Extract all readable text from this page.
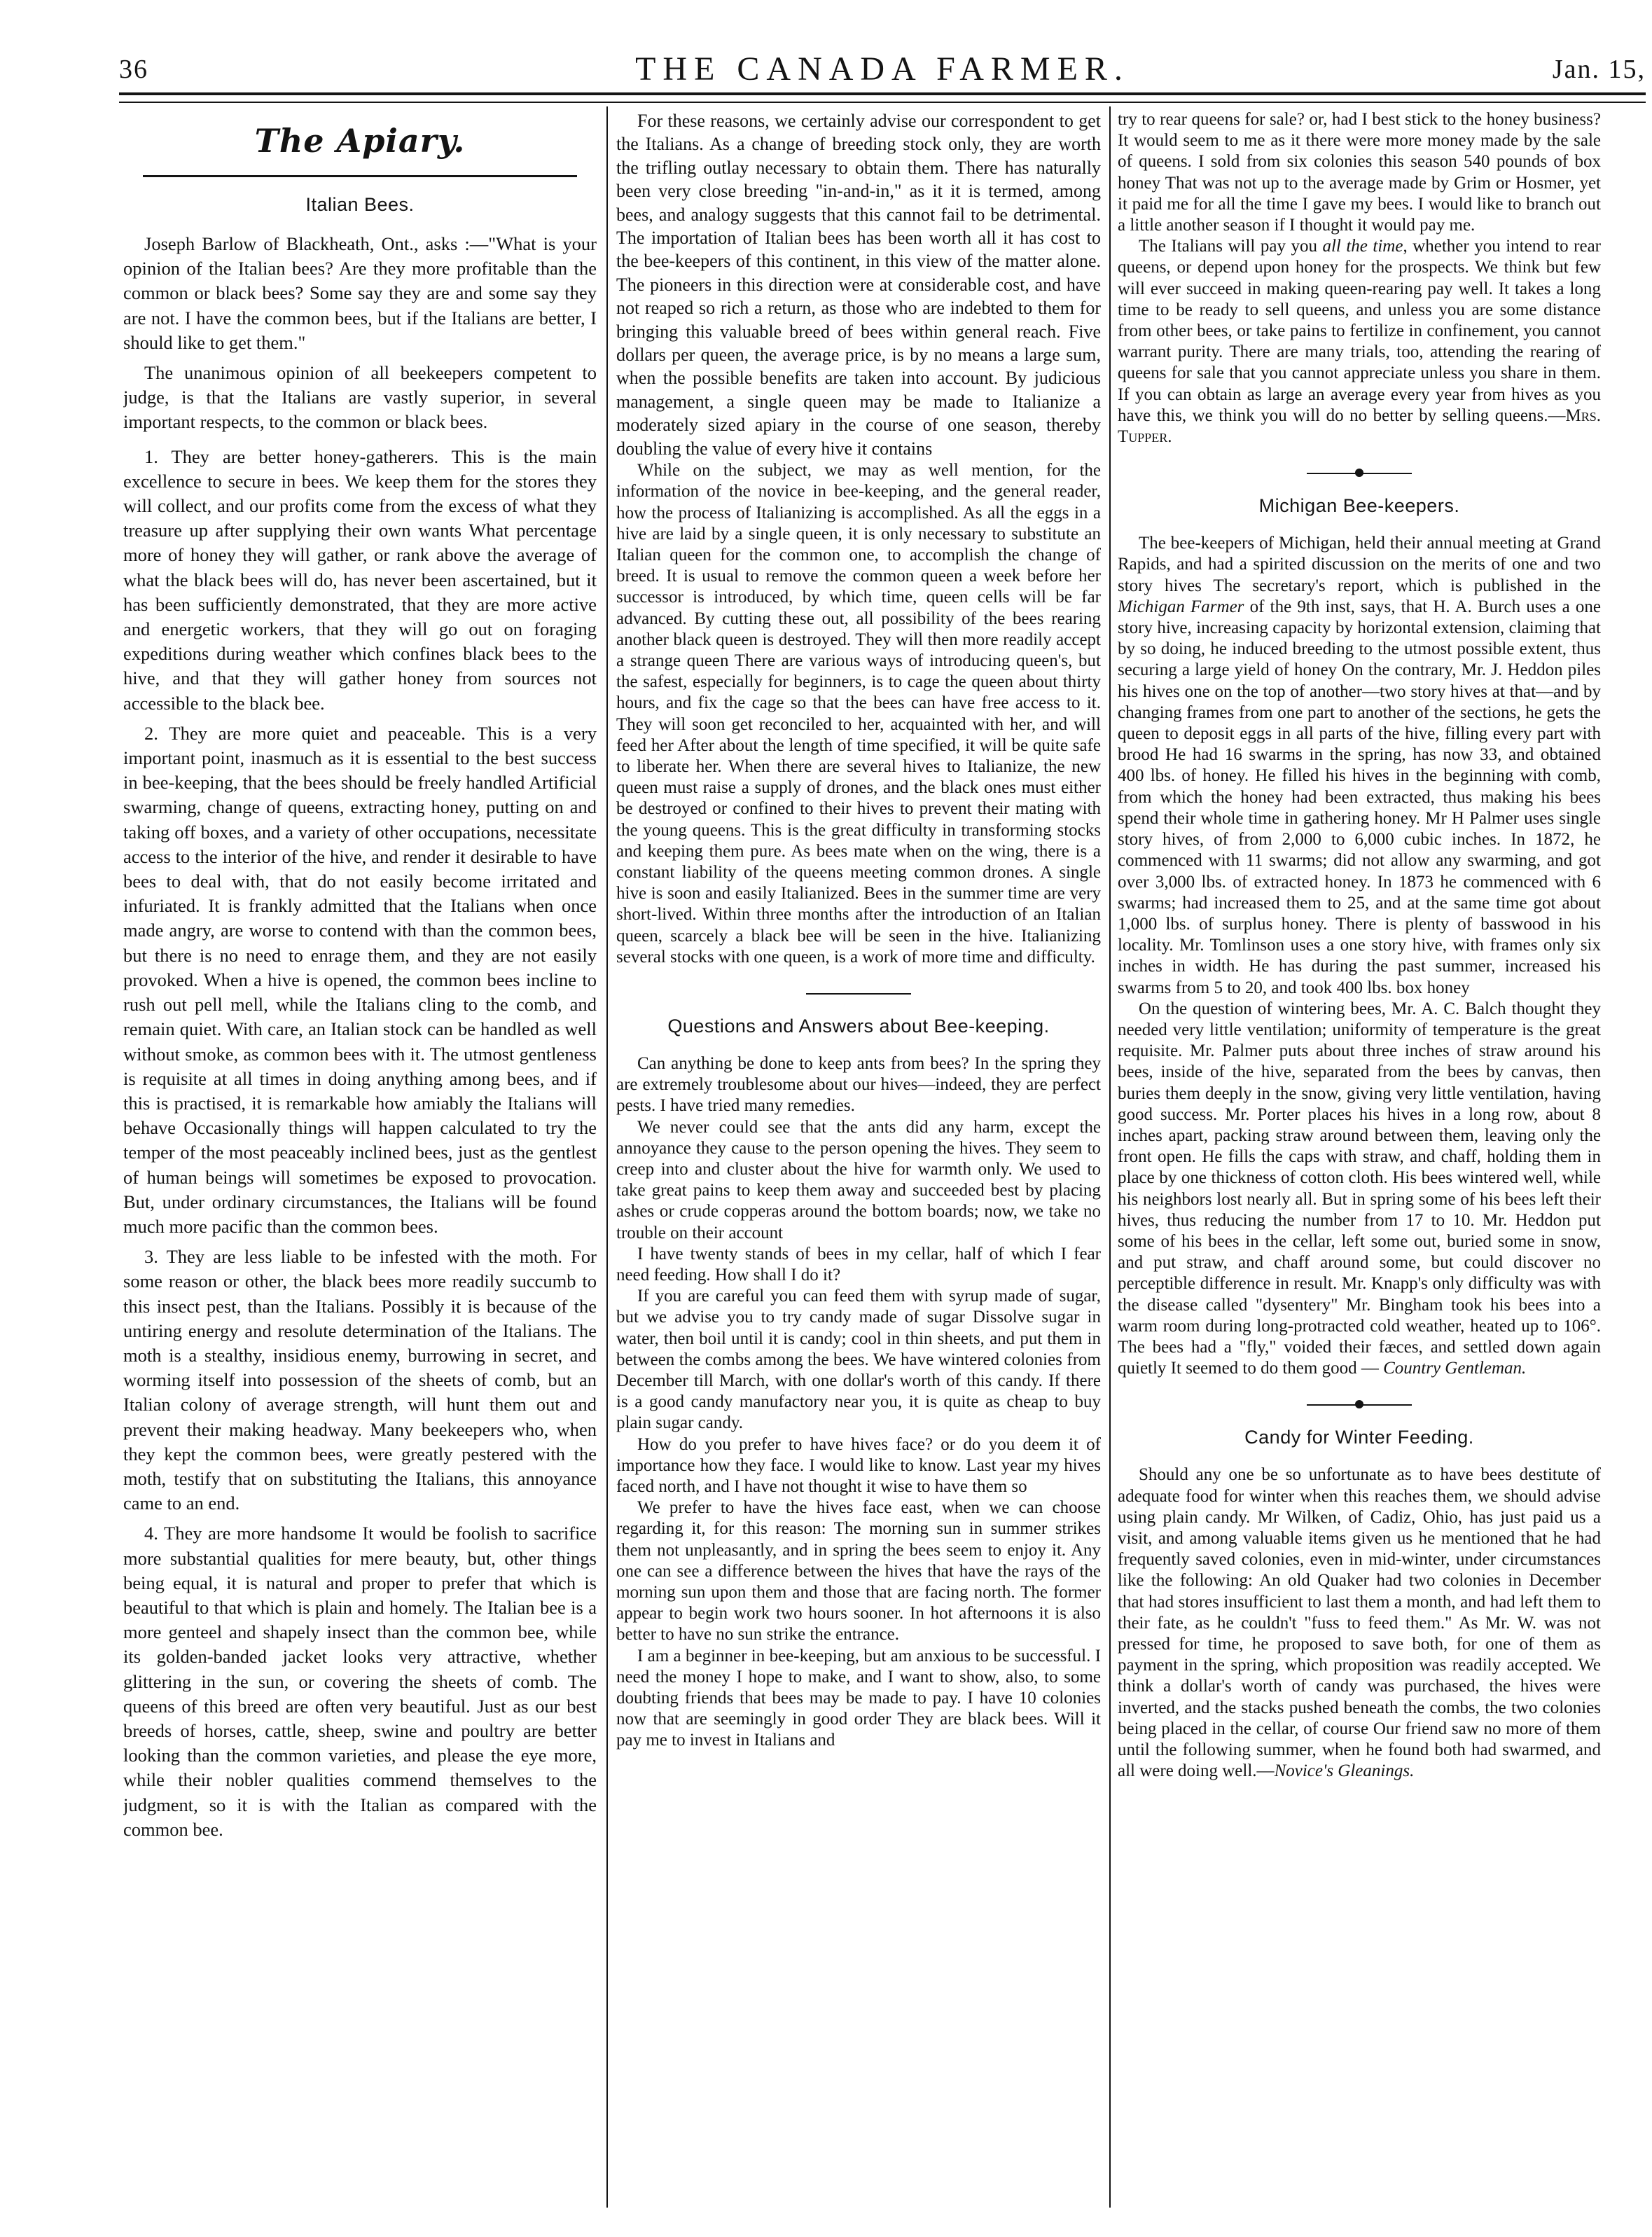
36	THE CANADA FARMER.	Jan. 15,
The Apiary.
Italian Bees.

Joseph Barlow of Blackheath, Ont., asks :—"What is your opinion of the Italian bees? Are they more profitable than the common or black bees? Some say they are and some say they are not. I have the common bees, but if the Italians are better, I should like to get them."

The unanimous opinion of all beekeepers competent to judge, is that the Italians are vastly superior, in several important respects, to the common or black bees.

1. They are better honey-gatherers. This is the main excellence to secure in bees. We keep them for the stores they will collect, and our profits come from the excess of what they treasure up after supplying their own wants What percentage more of honey they will gather, or rank above the average of what the black bees will do, has never been ascertained, but it has been sufficiently demonstrated, that they are more active and energetic workers, that they will go out on foraging expeditions during weather which confines black bees to the hive, and that they will gather honey from sources not accessible to the black bee.

2. They are more quiet and peaceable. This is a very important point, inasmuch as it is essential to the best success in bee-keeping, that the bees should be freely handled Artificial swarming, change of queens, extracting honey, putting on and taking off boxes, and a variety of other occupations, necessitate access to the interior of the hive, and render it desirable to have bees to deal with, that do not easily become irritated and infuriated. It is frankly admitted that the Italians when once made angry, are worse to contend with than the common bees, but there is no need to enrage them, and they are not easily provoked. When a hive is opened, the common bees incline to rush out pell mell, while the Italians cling to the comb, and remain quiet. With care, an Italian stock can be handled as well without smoke, as common bees with it. The utmost gentleness is requisite at all times in doing anything among bees, and if this is practised, it is remarkable how amiably the Italians will behave Occasionally things will happen calculated to try the temper of the most peaceably inclined bees, just as the gentlest of human beings will sometimes be exposed to provocation. But, under ordinary circumstances, the Italians will be found much more pacific than the common bees.

3. They are less liable to be infested with the moth. For some reason or other, the black bees more readily succumb to this insect pest, than the Italians. Possibly it is because of the untiring energy and resolute determination of the Italians. The moth is a stealthy, insidious enemy, burrowing in secret, and worming itself into possession of the sheets of comb, but an Italian colony of average strength, will hunt them out and prevent their making headway. Many beekeepers who, when they kept the common bees, were greatly pestered with the moth, testify that on substituting the Italians, this annoyance came to an end.

4. They are more handsome It would be foolish to sacrifice more substantial qualities for mere beauty, but, other things being equal, it is natural and proper to prefer that which is beautiful to that which is plain and homely. The Italian bee is a more genteel and shapely insect than the common bee, while its golden-banded jacket looks very attractive, whether glittering in the sun, or covering the sheets of comb. The queens of this breed are often very beautiful. Just as our best breeds of horses, cattle, sheep, swine and poultry are better looking than the common varieties, and please the eye more, while their nobler qualities commend themselves to the judgment, so it is with the Italian as compared with the common bee.

For these reasons, we certainly advise our correspondent to get the Italians. As a change of breeding stock only, they are worth the trifling outlay necessary to obtain them. There has naturally been very close breeding "in-and-in," as it it is termed, among bees, and analogy suggests that this cannot fail to be detrimental. The importation of Italian bees has been worth all it has cost to the bee-keepers of this continent, in this view of the matter alone. The pioneers in this direction were at considerable cost, and have not reaped so rich a return, as those who are indebted to them for bringing this valuable breed of bees within general reach. Five dollars per queen, the average price, is by no means a large sum, when the possible benefits are taken into account. By judicious management, a single queen may be made to Italianize a moderately sized apiary in the course of one season, thereby doubling the value of every hive it contains

While on the subject, we may as well mention, for the information of the novice in bee-keeping, and the general reader, how the process of Italianizing is accomplished. As all the eggs in a hive are laid by a single queen, it is only necessary to substitute an Italian queen for the common one, to accomplish the change of breed. It is usual to remove the common queen a week before her successor is introduced, by which time, queen cells will be far advanced. By cutting these out, all possibility of the bees rearing another black queen is destroyed. They will then more readily accept a strange queen There are various ways of introducing queen's, but the safest, especially for beginners, is to cage the queen about thirty hours, and fix the cage so that the bees can have free access to it. They will soon get reconciled to her, acquainted with her, and will feed her After about the length of time specified, it will be quite safe to liberate her. When there are several hives to Italianize, the new queen must raise a supply of drones, and the black ones must either be destroyed or confined to their hives to prevent their mating with the young queens. This is the great difficulty in transforming stocks and keeping them pure. As bees mate when on the wing, there is a constant liability of the queens meeting common drones. A single hive is soon and easily Italianized. Bees in the summer time are very short-lived. Within three months after the introduction of an Italian queen, scarcely a black bee will be seen in the hive. Italianizing several stocks with one queen, is a work of more time and difficulty.

Questions and Answers about Bee-keeping.

Can anything be done to keep ants from bees? In the spring they are extremely troublesome about our hives—indeed, they are perfect pests. I have tried many remedies.

We never could see that the ants did any harm, except the annoyance they cause to the person opening the hives. They seem to creep into and cluster about the hive for warmth only. We used to take great pains to keep them away and succeeded best by placing ashes or crude copperas around the bottom boards; now, we take no trouble on their account

I have twenty stands of bees in my cellar, half of which I fear need feeding. How shall I do it?

If you are careful you can feed them with syrup made of sugar, but we advise you to try candy made of sugar Dissolve sugar in water, then boil until it is candy; cool in thin sheets, and put them in between the combs among the bees. We have wintered colonies from December till March, with one dollar's worth of this candy. If there is a good candy manufactory near you, it is quite as cheap to buy plain sugar candy.

How do you prefer to have hives face? or do you deem it of importance how they face. I would like to know. Last year my hives faced north, and I have not thought it wise to have them so

We prefer to have the hives face east, when we can choose regarding it, for this reason: The morning sun in summer strikes them not unpleasantly, and in spring the bees seem to enjoy it. Any one can see a difference between the hives that have the rays of the morning sun upon them and those that are facing north. The former appear to begin work two hours sooner. In hot afternoons it is also better to have no sun strike the entrance.

I am a beginner in bee-keeping, but am anxious to be successful. I need the money I hope to make, and I want to show, also, to some doubting friends that bees may be made to pay. I have 10 colonies now that are seemingly in good order They are black bees. Will it pay me to invest in Italians and

try to rear queens for sale? or, had I best stick to the honey business? It would seem to me as it there were more money made by the sale of queens. I sold from six colonies this season 540 pounds of box honey That was not up to the average made by Grim or Hosmer, yet it paid me for all the time I gave my bees. I would like to branch out a little another season if I thought it would pay me.

The Italians will pay you all the time, whether you intend to rear queens, or depend upon honey for the prospects. We think but few will ever succeed in making queen-rearing pay well. It takes a long time to be ready to sell queens, and unless you are some distance from other bees, or take pains to fertilize in confinement, you cannot warrant purity. There are many trials, too, attending the rearing of queens for sale that you cannot appreciate unless you share in them. If you can obtain as large an average every year from hives as you have this, we think you will do no better by selling queens.—Mrs. Tupper.

Michigan Bee-keepers.

The bee-keepers of Michigan, held their annual meeting at Grand Rapids, and had a spirited discussion on the merits of one and two story hives The secretary's report, which is published in the Michigan Farmer of the 9th inst, says, that H. A. Burch uses a one story hive, increasing capacity by horizontal extension, claiming that by so doing, he induced breeding to the utmost possible extent, thus securing a large yield of honey On the contrary, Mr. J. Heddon piles his hives one on the top of another—two story hives at that—and by changing frames from one part to another of the sections, he gets the queen to deposit eggs in all parts of the hive, filling every part with brood He had 16 swarms in the spring, has now 33, and obtained 400 lbs. of honey. He filled his hives in the beginning with comb, from which the honey had been extracted, thus making his bees spend their whole time in gathering honey. Mr H Palmer uses single story hives, of from 2,000 to 6,000 cubic inches. In 1872, he commenced with 11 swarms; did not allow any swarming, and got over 3,000 lbs. of extracted honey. In 1873 he commenced with 6 swarms; had increased them to 25, and at the same time got about 1,000 lbs. of surplus honey. There is plenty of basswood in his locality. Mr. Tomlinson uses a one story hive, with frames only six inches in width. He has during the past summer, increased his swarms from 5 to 20, and took 400 lbs. box honey

On the question of wintering bees, Mr. A. C. Balch thought they needed very little ventilation; uniformity of temperature is the great requisite. Mr. Palmer puts about three inches of straw around his bees, inside of the hive, separated from the bees by canvas, then buries them deeply in the snow, giving very little ventilation, having good success. Mr. Porter places his hives in a long row, about 8 inches apart, packing straw around between them, leaving only the front open. He fills the caps with straw, and chaff, holding them in place by one thickness of cotton cloth. His bees wintered well, while his neighbors lost nearly all. But in spring some of his bees left their hives, thus reducing the number from 17 to 10. Mr. Heddon put some of his bees in the cellar, left some out, buried some in snow, and put straw, and chaff around some, but could discover no perceptible difference in result. Mr. Knapp's only difficulty was with the disease called "dysentery" Mr. Bingham took his bees into a warm room during long-protracted cold weather, heated up to 106°. The bees had a "fly," voided their fæces, and settled down again quietly It seemed to do them good — Country Gentleman.

Candy for Winter Feeding.

Should any one be so unfortunate as to have bees destitute of adequate food for winter when this reaches them, we should advise using plain candy. Mr Wilken, of Cadiz, Ohio, has just paid us a visit, and among valuable items given us he mentioned that he had frequently saved colonies, even in mid-winter, under circumstances like the following: An old Quaker had two colonies in December that had stores insufficient to last them a month, and had left them to their fate, as he couldn't "fuss to feed them." As Mr. W. was not pressed for time, he proposed to save both, for one of them as payment in the spring, which proposition was readily accepted. We think a dollar's worth of candy was purchased, the hives were inverted, and the stacks pushed beneath the combs, the two colonies being placed in the cellar, of course Our friend saw no more of them until the following summer, when he found both had swarmed, and all were doing well.—Novice's Gleanings.
